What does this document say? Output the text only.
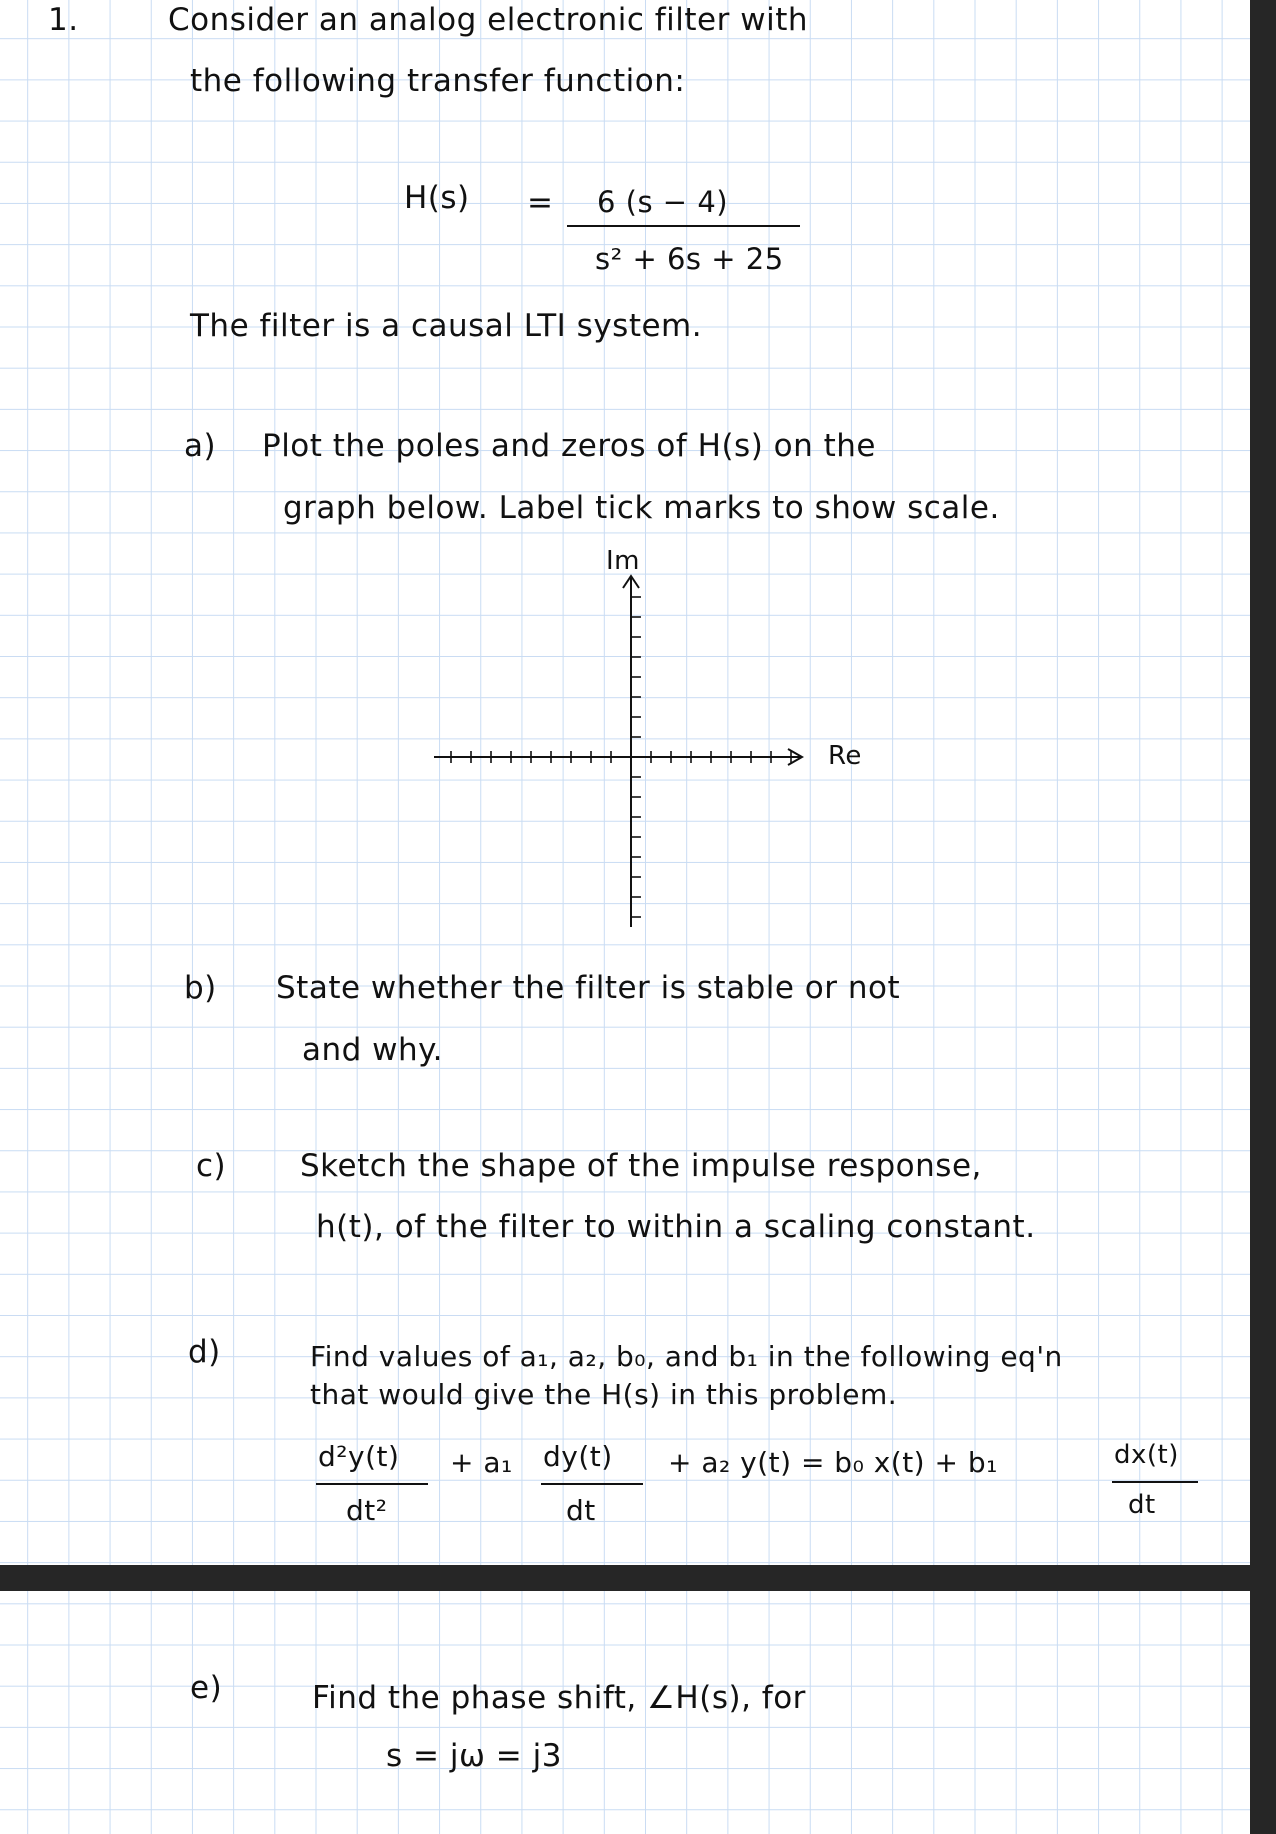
1.	Consider an analog electronic filter with
the following transfer function:
H(s) = 6 (s − 4)
s² + 6s + 25
The filter is a causal LTI system.
a) Plot the poles and zeros of H(s) on the
graph below. Label tick marks to show scale.
Im
Re
b) State whether the filter is stable or not
and why.
c) Sketch the shape of the impulse response,
h(t), of the filter to within a scaling constant.
d)	Find values of a₁, a₂, b₀, and b₁ in the following eq'n
that would give the H(s) in this problem.
d²y(t)
dt²
+ a₁ dy(t)
dt
+ a₂ y(t) = b₀ x(t) + b₁	dx(t)
dt
e)	Find the phase shift, ∠H(s), for
s = jω = j3
